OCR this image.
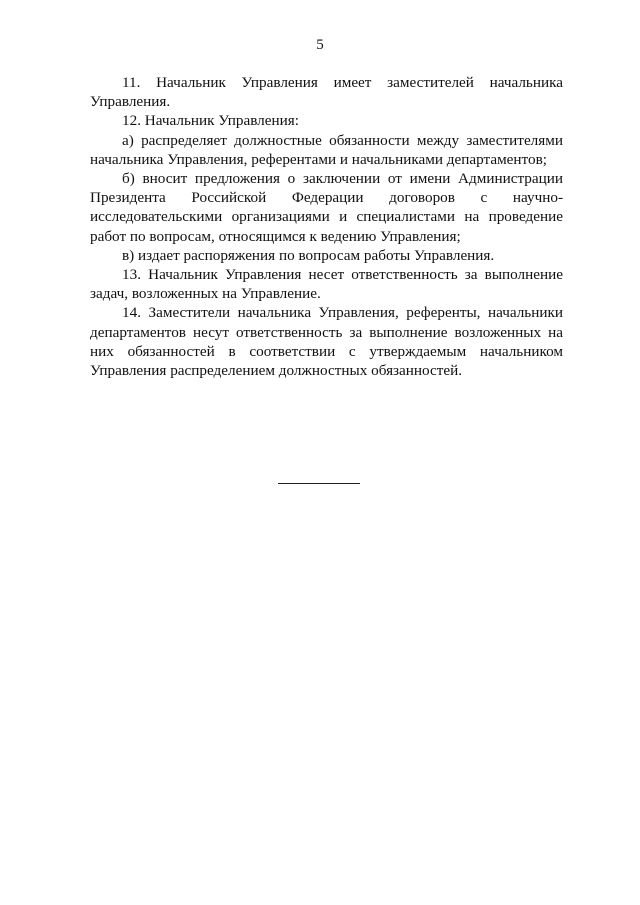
5

11. Начальник Управления имеет заместителей начальника Управления.

12. Начальник Управления:

а) распределяет должностные обязанности между заместителями начальника Управления, референтами и начальниками департаментов;

б) вносит предложения о заключении от имени Администрации Президента Российской Федерации договоров с научно-исследовательскими организациями и специалистами на проведение работ по вопросам, относящимся к ведению Управления;

в) издает распоряжения по вопросам работы Управления.

13. Начальник Управления несет ответственность за выполнение задач, возложенных на Управление.

14. Заместители начальника Управления, референты, начальники департаментов несут ответственность за выполнение возложенных на них обязанностей в соответствии с утверждаемым начальником Управления распределением должностных обязанностей.
